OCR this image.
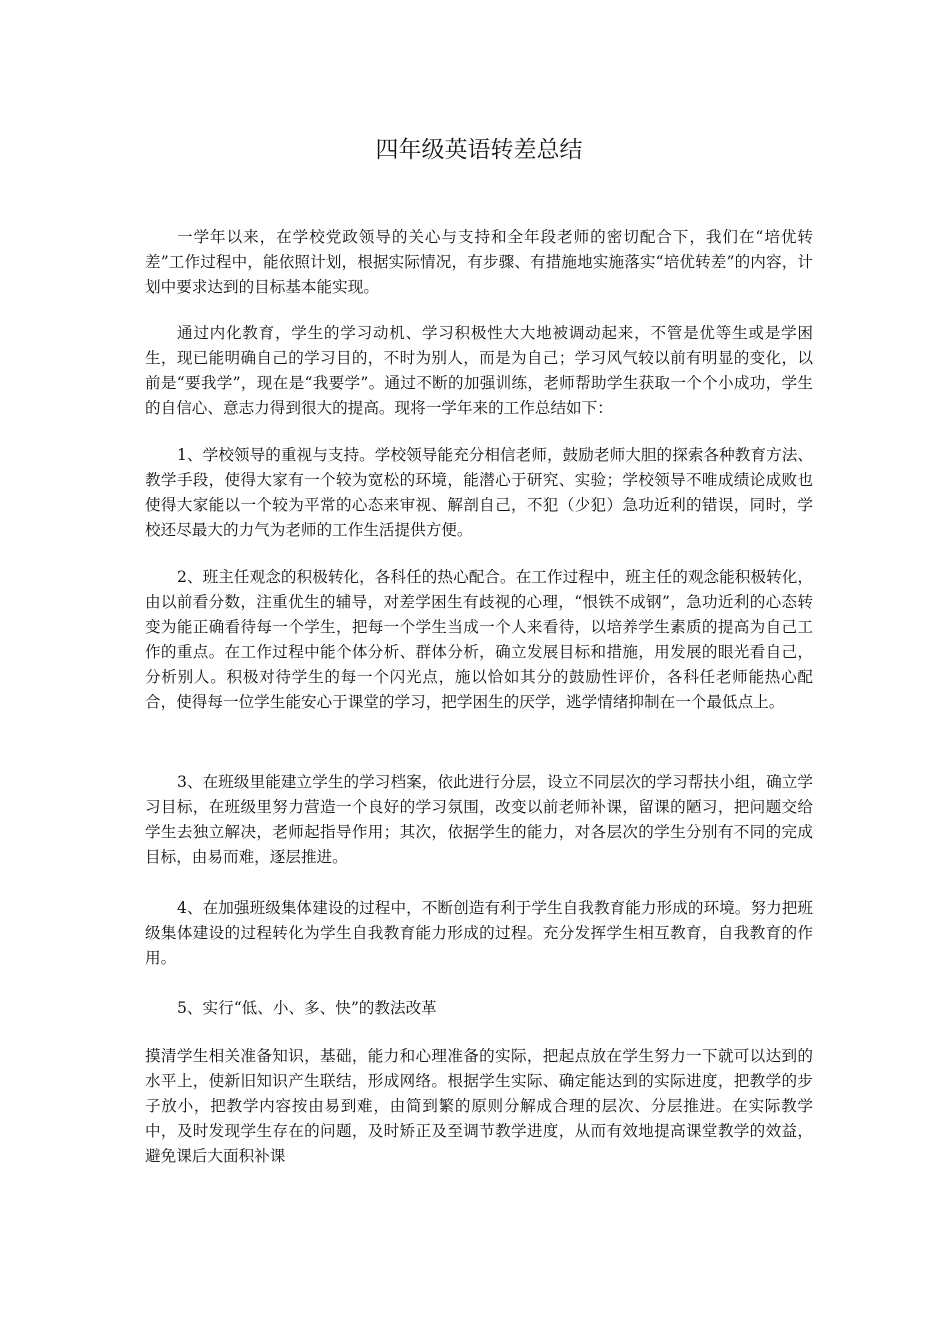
四年级英语转差总结

一学年以来，在学校党政领导的关心与支持和全年段老师的密切配合下，我们在“培优转差”工作过程中，能依照计划，根据实际情况，有步骤、有措施地实施落实“培优转差”的内容，计划中要求达到的目标基本能实现。

通过内化教育，学生的学习动机、学习积极性大大地被调动起来，不管是优等生或是学困生，现已能明确自己的学习目的，不时为别人，而是为自己；学习风气较以前有明显的变化，以前是“要我学”，现在是“我要学”。通过不断的加强训练，老师帮助学生获取一个个小成功，学生的自信心、意志力得到很大的提高。现将一学年来的工作总结如下：

1、学校领导的重视与支持。学校领导能充分相信老师，鼓励老师大胆的探索各种教育方法、教学手段，使得大家有一个较为宽松的环境，能潜心于研究、实验；学校领导不唯成绩论成败也使得大家能以一个较为平常的心态来审视、解剖自己，不犯（少犯）急功近利的错误，同时，学校还尽最大的力气为老师的工作生活提供方便。

2、班主任观念的积极转化，各科任的热心配合。在工作过程中，班主任的观念能积极转化，由以前看分数，注重优生的辅导，对差学困生有歧视的心理，“恨铁不成钢”，急功近利的心态转变为能正确看待每一个学生，把每一个学生当成一个人来看待，以培养学生素质的提高为自己工作的重点。在工作过程中能个体分析、群体分析，确立发展目标和措施，用发展的眼光看自己，分析别人。积极对待学生的每一个闪光点，施以恰如其分的鼓励性评价，各科任老师能热心配合，使得每一位学生能安心于课堂的学习，把学困生的厌学，逃学情绪抑制在一个最低点上。

3、在班级里能建立学生的学习档案，依此进行分层，设立不同层次的学习帮扶小组，确立学习目标，在班级里努力营造一个良好的学习氛围，改变以前老师补课，留课的陋习，把问题交给学生去独立解决，老师起指导作用；其次，依据学生的能力，对各层次的学生分别有不同的完成目标，由易而难，逐层推进。

4、在加强班级集体建设的过程中，不断创造有利于学生自我教育能力形成的环境。努力把班级集体建设的过程转化为学生自我教育能力形成的过程。充分发挥学生相互教育，自我教育的作用。

5、实行“低、小、多、快”的教法改革

摸清学生相关准备知识，基础，能力和心理准备的实际，把起点放在学生努力一下就可以达到的水平上，使新旧知识产生联结，形成网络。根据学生实际、确定能达到的实际进度，把教学的步子放小，把教学内容按由易到难，由简到繁的原则分解成合理的层次、分层推进。在实际教学中，及时发现学生存在的问题，及时矫正及至调节教学进度，从而有效地提高课堂教学的效益，避免课后大面积补课
